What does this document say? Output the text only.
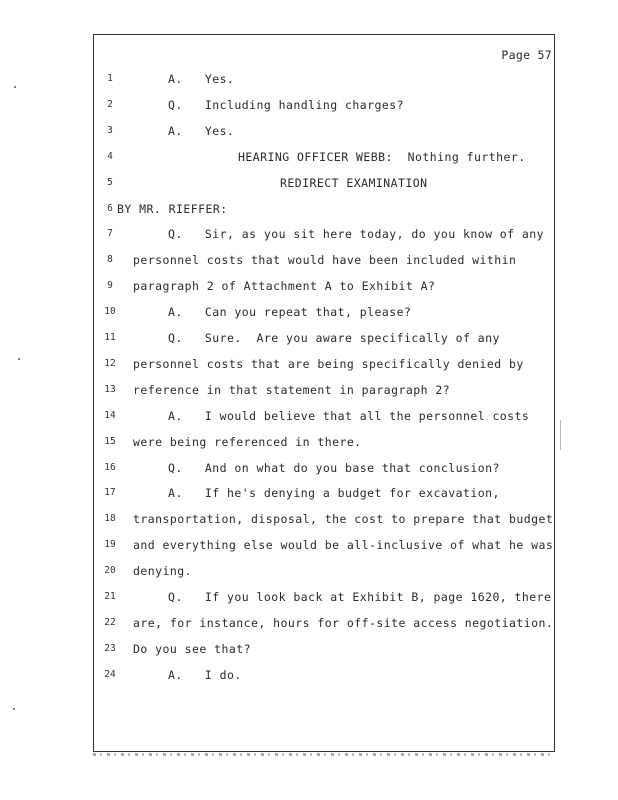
Page 57
1	A.   Yes.
2	Q.   Including handling charges?
3	A.   Yes.
4	HEARING OFFICER WEBB:  Nothing further.
5	REDIRECT EXAMINATION
6 BY MR. RIEFFER:
7	Q.   Sir, as you sit here today, do you know of any
8	personnel costs that would have been included within
9	paragraph 2 of Attachment A to Exhibit A?
10	A.   Can you repeat that, please?
11	Q.   Sure.  Are you aware specifically of any
12 personnel costs that are being specifically denied by
13 reference in that statement in paragraph 2?
14	A.   I would believe that all the personnel costs
15 were being referenced in there.
16	Q.   And on what do you base that conclusion?
17	A.   If he's denying a budget for excavation,
18 transportation, disposal, the cost to prepare that budget
19 and everything else would be all-inclusive of what he was
20 denying.
21	Q.   If you look back at Exhibit B, page 1620, there
22 are, for instance, hours for off-site access negotiation.
23 Do you see that?
24	A.   I do.
